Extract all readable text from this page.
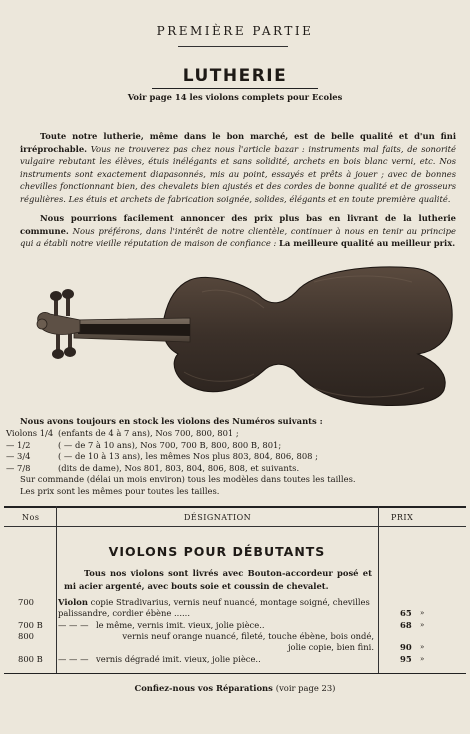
PREMIÈRE PARTIE
LUTHERIE
Voir page 14 les violons complets pour Ecoles

Toute notre lutherie, même dans le bon marché, est de belle qualité et d'un fini irréprochable. Vous ne trouverez pas chez nous l'article bazar : instruments mal faits, de sonorité vulgaire rebutant les élèves, étuis inélégants et sans solidité, archets en bois blanc verni, etc. Nos instruments sont exactement diapasonnés, mis au point, essayés et prêts à jouer ; avec de bonnes chevilles fonctionnant bien, des chevalets bien ajustés et des cordes de bonne qualité et de grosseurs régulières. Les étuis et archets de fabrication soignée, solides, élégants et en toute première qualité.

Nous pourrions facilement annoncer des prix plus bas en livrant de la lutherie commune. Nous préférons, dans l'intérêt de notre clientèle, continuer à nous en tenir au principe qui a établi notre vieille réputation de maison de confiance : La meilleure qualité au meilleur prix.

Nous avons toujours en stock les violons des Numéros suivants :
Violons 1/4 (enfants de 4 à 7 ans), Nos 700, 800, 801 ;
— 1/2	( — de 7 à 10 ans), Nos 700, 700 B, 800, 800 B, 801;
— 3/4	( — de 10 à 13 ans), les mêmes Nos plus 803, 804, 806, 808 ;
— 7/8	(dits de dame), Nos 801, 803, 804, 806, 808, et suivants.
Sur commande (délai un mois environ) tous les modèles dans toutes les tailles.
Les prix sont les mêmes pour toutes les tailles.
Nos	DÉSIGNATION	PRIX
VIOLONS POUR DÉBUTANTS

Tous nos violons sont livrés avec Bouton-accordeur posé et mi acier argenté, avec bouts soie et coussin de chevalet.

700	Violon copie Stradivarius, vernis neuf nuancé, montage soigné, chevilles palissandre, cordier ébène ......	65 »
700 B — — — le même, vernis imit. vieux, jolie pièce..	68 »
800	vernis neuf orange nuancé, fileté, touche ébène, bois ondé, jolie copie, bien fini.	90 »
800 B — — — vernis dégradé imit. vieux, jolie pièce..	95 »
Confiez-nous vos Réparations (voir page 23)
